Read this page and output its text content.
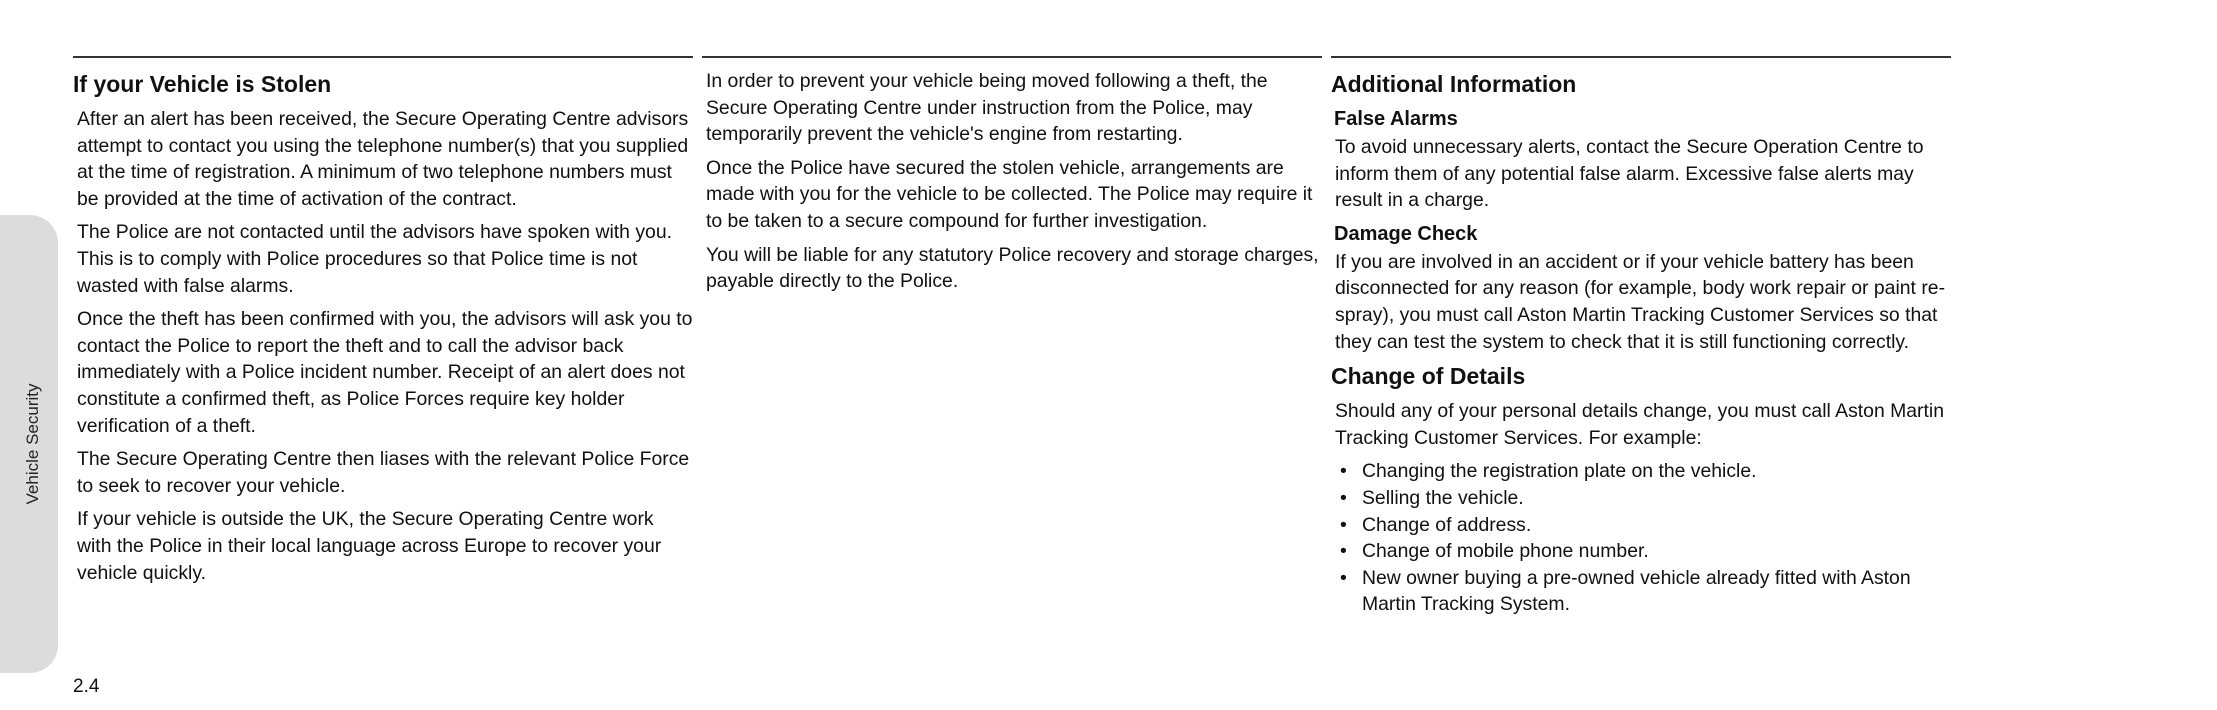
Vehicle Security
If your Vehicle is Stolen

After an alert has been received, the Secure Operating Centre advisors attempt to contact you using the telephone number(s) that you supplied at the time of registration. A minimum of two telephone numbers must be provided at the time of activation of the contract.

The Police are not contacted until the advisors have spoken with you. This is to comply with Police procedures so that Police time is not wasted with false alarms.

Once the theft has been confirmed with you, the advisors will ask you to contact the Police to report the theft and to call the advisor back immediately with a Police incident number. Receipt of an alert does not constitute a confirmed theft, as Police Forces require key holder verification of a theft.

The Secure Operating Centre then liases with the relevant Police Force to seek to recover your vehicle.

If your vehicle is outside the UK, the Secure Operating Centre work with the Police in their local language across Europe to recover your vehicle quickly.

In order to prevent your vehicle being moved following a theft, the Secure Operating Centre under instruction from the Police, may temporarily prevent the vehicle's engine from restarting.

Once the Police have secured the stolen vehicle, arrangements are made with you for the vehicle to be collected. The Police may require it to be taken to a secure compound for further investigation.

You will be liable for any statutory Police recovery and storage charges, payable directly to the Police.

Additional Information
False Alarms

To avoid unnecessary alerts, contact the Secure Operation Centre to inform them of any potential false alarm. Excessive false alerts may result in a charge.

Damage Check

If you are involved in an accident or if your vehicle battery has been disconnected for any reason (for example, body work repair or paint re-spray), you must call Aston Martin Tracking Customer Services so that they can test the system to check that it is still functioning correctly.

Change of Details

Should any of your personal details change, you must call Aston Martin Tracking Customer Services. For example:

• Changing the registration plate on the vehicle.
• Selling the vehicle.
• Change of address.
• Change of mobile phone number.
• New owner buying a pre-owned vehicle already fitted with Aston Martin Tracking System.
2.4
